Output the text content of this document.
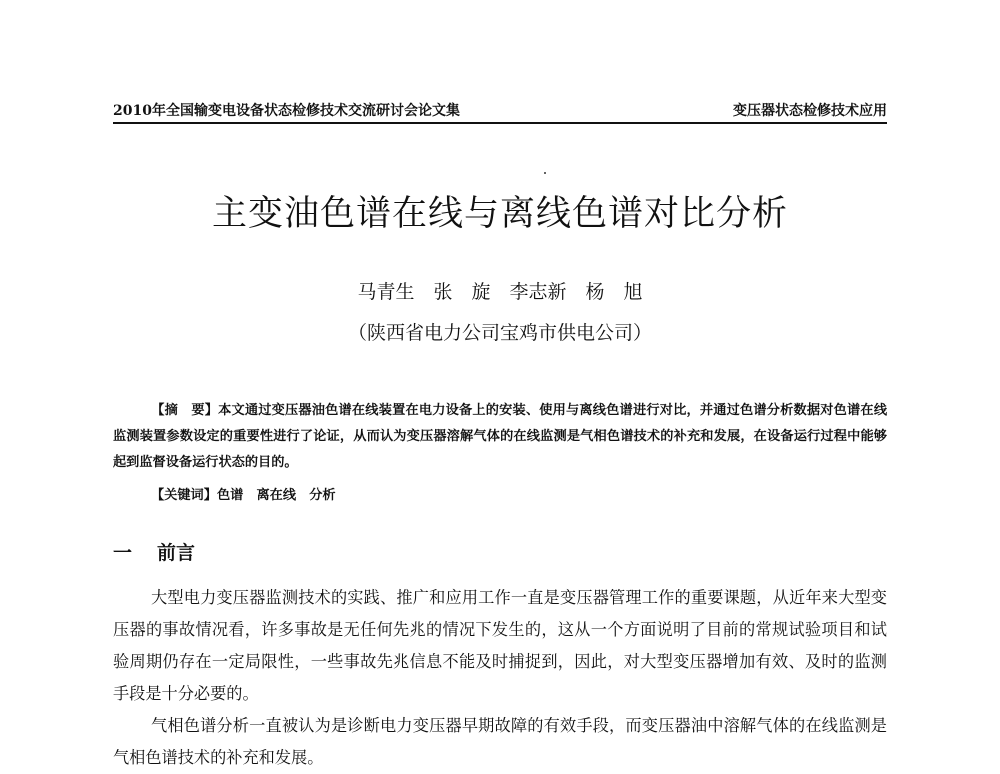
2010年全国输变电设备状态检修技术交流研讨会论文集	变压器状态检修技术应用
主变油色谱在线与离线色谱对比分析
马青生　张　旋　李志新　杨　旭
（陕西省电力公司宝鸡市供电公司）
【摘　要】本文通过变压器油色谱在线装置在电力设备上的安装、使用与离线色谱进行对比，并通过色谱分析数据对色谱在线监测装置参数设定的重要性进行了论证，从而认为变压器溶解气体的在线监测是气相色谱技术的补充和发展，在设备运行过程中能够起到监督设备运行状态的目的。
【关键词】色谱　离在线　分析
一 前言

大型电力变压器监测技术的实践、推广和应用工作一直是变压器管理工作的重要课题，从近年来大型变压器的事故情况看，许多事故是无任何先兆的情况下发生的，这从一个方面说明了目前的常规试验项目和试验周期仍存在一定局限性，一些事故先兆信息不能及时捕捉到，因此，对大型变压器增加有效、及时的监测手段是十分必要的。

气相色谱分析一直被认为是诊断电力变压器早期故障的有效手段，而变压器油中溶解气体的在线监测是气相色谱技术的补充和发展。
